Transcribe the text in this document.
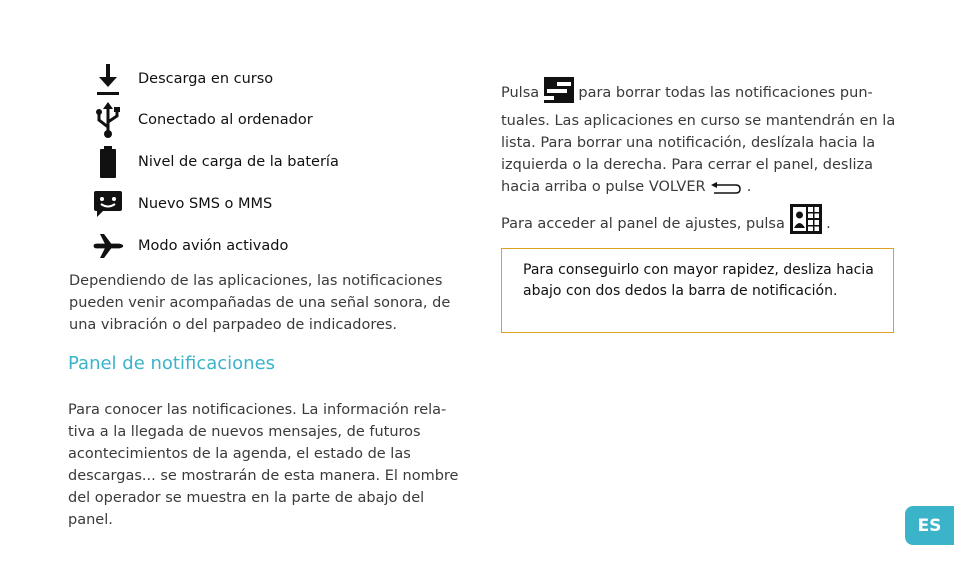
Descarga en curso
Conectado al ordenador
Nivel de carga de la batería
Nuevo SMS o MMS
Modo avión activado

Dependiendo de las aplicaciones, las notificaciones pueden venir acompañadas de una señal sonora, de una vibración o del parpadeo de indicadores.

Panel de notificaciones

Para conocer las notificaciones. La información relativa a la llegada de nuevos mensajes, de futuros acontecimientos de la agenda, el estado de las descargas... se mostrarán de esta manera. El nombre del operador se muestra en la parte de abajo del panel.

Pulsa	para borrar todas las notificaciones puntuales. Las aplicaciones en curso se mantendrán en la lista. Para borrar una notificación, deslízala hacia la izquierda o la derecha. Para cerrar el panel, desliza hacia arriba o pulse VOLVER	.
Para acceder al panel de ajustes, pulsa	.

Para conseguirlo con mayor rapidez, desliza hacia abajo con dos dedos la barra de notificación.

ES
